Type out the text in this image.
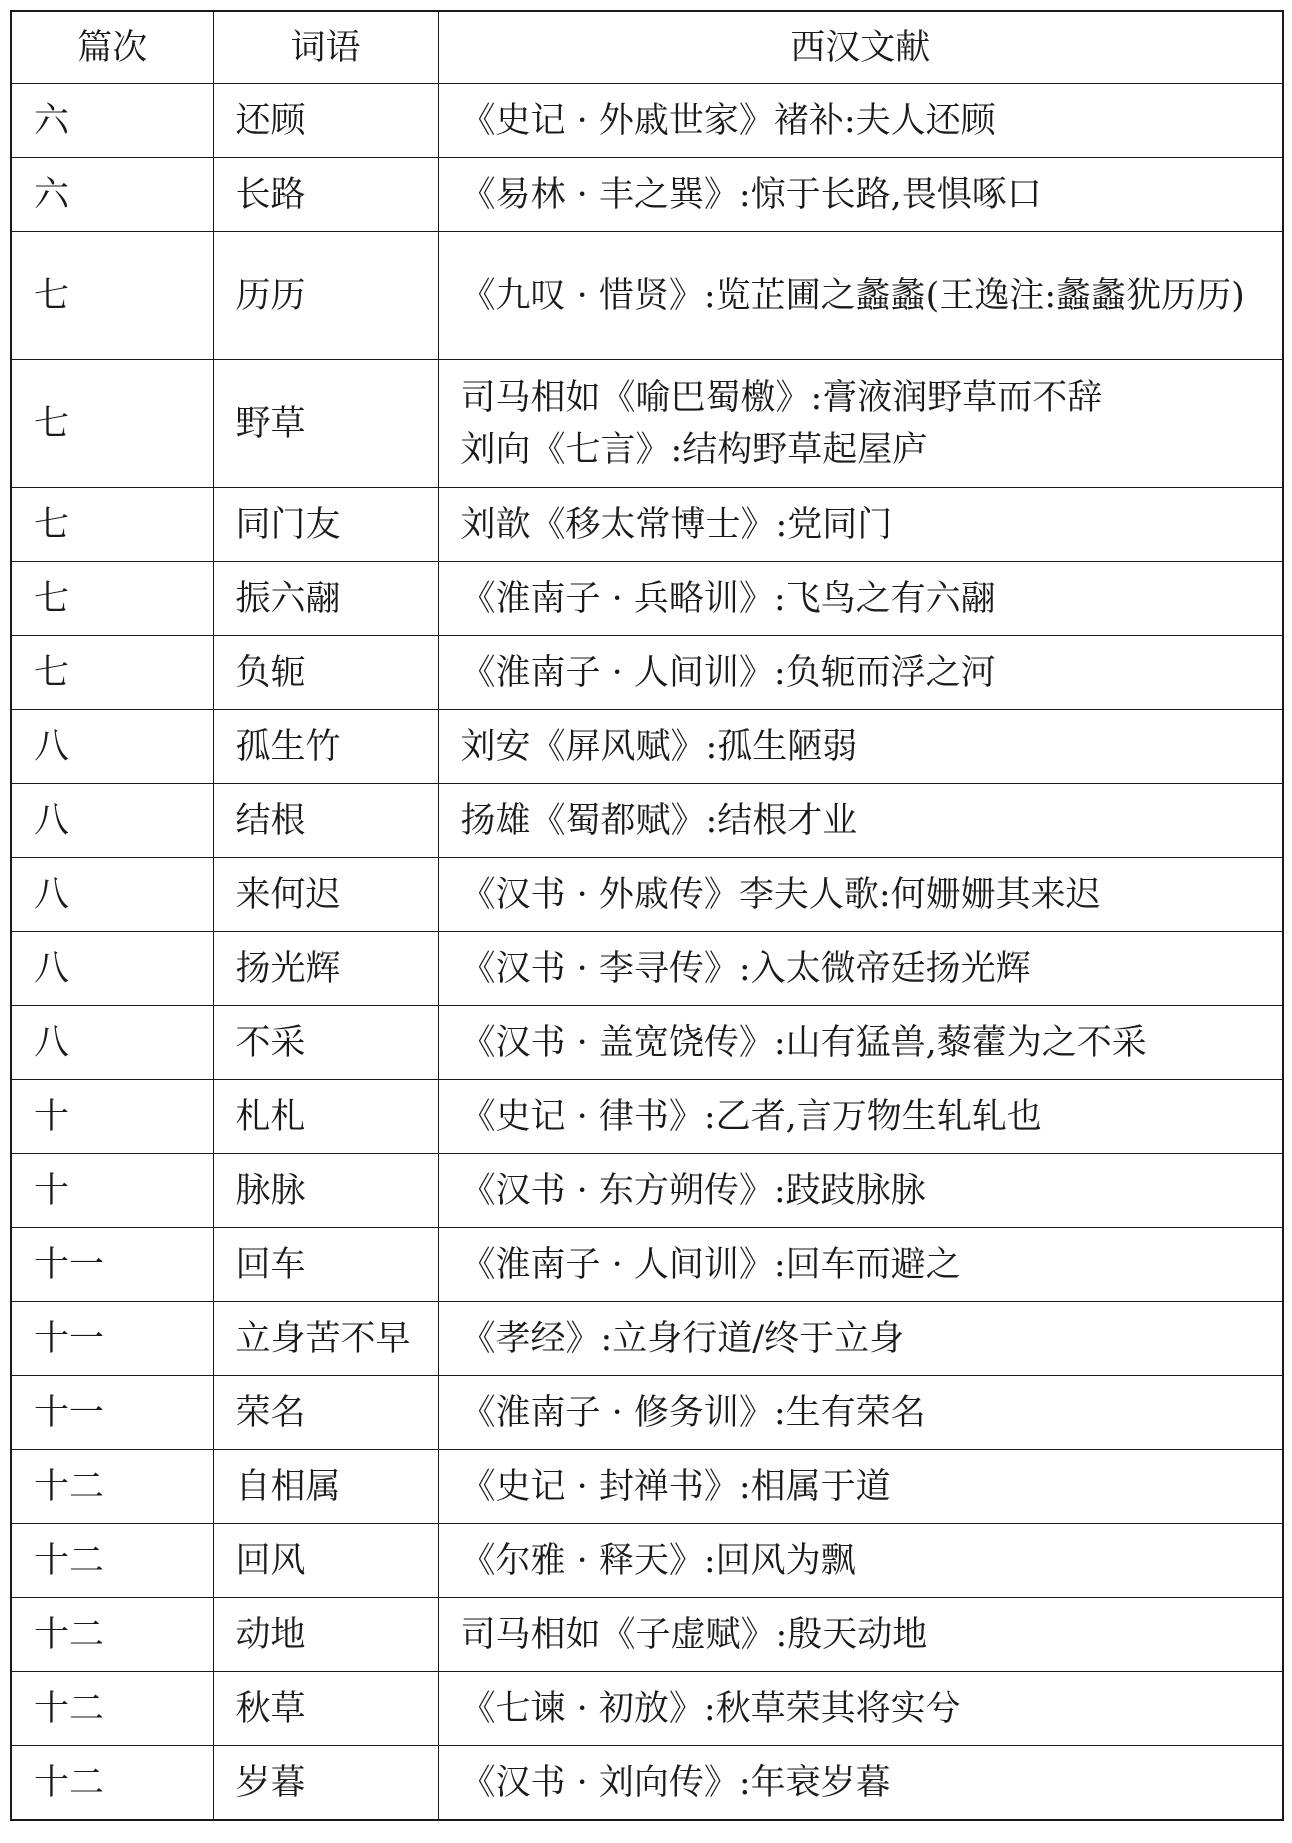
篇次	词语	西汉文献
六	还顾	《史记 · 外戚世家》褚补:夫人还顾

六	长路	《易林 · 丰之巽》:惊于长路,畏惧啄口

七	历历	《九叹 · 惜贤》:览芷圃之蠡蠡(王逸注:蠡蠡犹历历)

七	野草	司马相如《喻巴蜀檄》:膏液润野草而不辞
刘向《七言》:结构野草起屋庐

七	同门友	刘歆《移太常博士》:党同门

七	振六翮	《淮南子 · 兵略训》:飞鸟之有六翮

七	负轭	《淮南子 · 人间训》:负轭而浮之河

八	孤生竹	刘安《屏风赋》:孤生陋弱

八	结根	扬雄《蜀都赋》:结根才业

八	来何迟	《汉书 · 外戚传》李夫人歌:何姗姗其来迟

八	扬光辉	《汉书 · 李寻传》:入太微帝廷扬光辉

八	不采	《汉书 · 盖宽饶传》:山有猛兽,藜藿为之不采

十	札札	《史记 · 律书》:乙者,言万物生轧轧也

十	脉脉	《汉书 · 东方朔传》:跂跂脉脉

十一	回车	《淮南子 · 人间训》:回车而避之

十一	立身苦不早	《孝经》:立身行道/终于立身

十一	荣名	《淮南子 · 修务训》:生有荣名

十二	自相属	《史记 · 封禅书》:相属于道

十二	回风	《尔雅 · 释天》:回风为飘

十二	动地	司马相如《子虚赋》:殷天动地

十二	秋草	《七谏 · 初放》:秋草荣其将实兮

十二	岁暮	《汉书 · 刘向传》:年衰岁暮
